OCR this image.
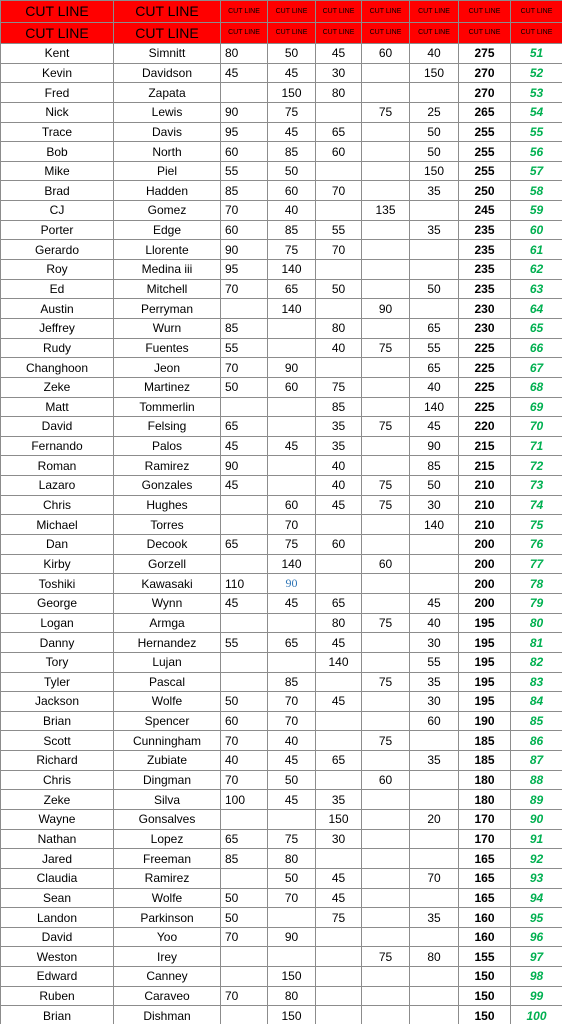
CUT LINE	CUT LINE	CUT LINE	CUT LINE	CUT LINE	CUT LINE	CUT LINE	CUT LINE	CUT LINE
CUT LINE	CUT LINE	CUT LINE	CUT LINE	CUT LINE	CUT LINE	CUT LINE	CUT LINE	CUT LINE
Kent	Simnitt	80	50	45	60	40	275	51
Kevin	Davidson	45	45	30		150	270	52
Fred	Zapata		150	80			270	53
Nick	Lewis	90	75		75	25	265	54
Trace	Davis	95	45	65		50	255	55
Bob	North	60	85	60		50	255	56
Mike	Piel	55	50			150	255	57
Brad	Hadden	85	60	70		35	250	58
CJ	Gomez	70	40		135		245	59
Porter	Edge	60	85	55		35	235	60
Gerardo	Llorente	90	75	70			235	61
Roy	Medina iii	95	140				235	62
Ed	Mitchell	70	65	50		50	235	63
Austin	Perryman		140		90		230	64
Jeffrey	Wurn	85		80		65	230	65
Rudy	Fuentes	55		40	75	55	225	66
Changhoon	Jeon	70	90			65	225	67
Zeke	Martinez	50	60	75		40	225	68
Matt	Tommerlin			85		140	225	69
David	Felsing	65		35	75	45	220	70
Fernando	Palos	45	45	35		90	215	71
Roman	Ramirez	90		40		85	215	72
Lazaro	Gonzales	45		40	75	50	210	73
Chris	Hughes		60	45	75	30	210	74
Michael	Torres		70			140	210	75
Dan	Decook	65	75	60			200	76
Kirby	Gorzell		140		60		200	77
Toshiki	Kawasaki	110	90				200	78
George	Wynn	45	45	65		45	200	79
Logan	Armga			80	75	40	195	80
Danny	Hernandez	55	65	45		30	195	81
Tory	Lujan			140		55	195	82
Tyler	Pascal		85		75	35	195	83
Jackson	Wolfe	50	70	45		30	195	84
Brian	Spencer	60	70			60	190	85
Scott	Cunningham	70	40		75		185	86
Richard	Zubiate	40	45	65		35	185	87
Chris	Dingman	70	50		60		180	88
Zeke	Silva	100	45	35			180	89
Wayne	Gonsalves			150		20	170	90
Nathan	Lopez	65	75	30			170	91
Jared	Freeman	85	80				165	92
Claudia	Ramirez		50	45		70	165	93
Sean	Wolfe	50	70	45			165	94
Landon	Parkinson	50		75		35	160	95
David	Yoo	70	90				160	96
Weston	Irey				75	80	155	97
Edward	Canney		150				150	98
Ruben	Caraveo	70	80				150	99
Brian	Dishman		150				150	100
